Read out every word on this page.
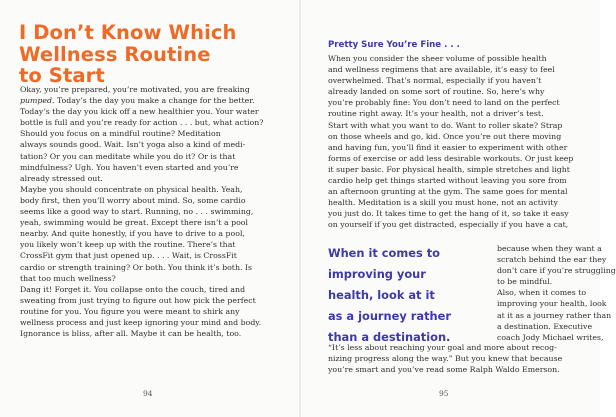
I Don’t Know Which
Wellness Routine
to Start
Okay, you’re prepared, you’re motivated, you are freaking
pumped. Today’s the day you make a change for the better.
Today’s the day you kick off a new healthier you. Your water
bottle is full and you’re ready for action . . . but, what action?
Should you focus on a mindful routine? Meditation
always sounds good. Wait. Isn’t yoga also a kind of medi-
tation? Or you can meditate while you do it? Or is that
mindfulness? Ugh. You haven’t even started and you’re
already stressed out.
Maybe you should concentrate on physical health. Yeah,
body first, then you’ll worry about mind. So, some cardio
seems like a good way to start. Running, no . . . swimming,
yeah, swimming would be great. Except there isn’t a pool
nearby. And quite honestly, if you have to drive to a pool,
you likely won’t keep up with the routine. There’s that
CrossFit gym that just opened up. . . . Wait, is CrossFit
cardio or strength training? Or both. You think it’s both. Is
that too much wellness?
Dang it! Forget it. You collapse onto the couch, tired and
sweating from just trying to figure out how pick the perfect
routine for you. You figure you were meant to shirk any
wellness process and just keep ignoring your mind and body.
Ignorance is bliss, after all. Maybe it can be health, too.
94
Pretty Sure You’re Fine . . .
When you consider the sheer volume of possible health
and wellness regimens that are available, it’s easy to feel
overwhelmed. That’s normal, especially if you haven’t
already landed on some sort of routine. So, here’s why
you’re probably fine: You don’t need to land on the perfect
routine right away. It’s your health, not a driver’s test.
Start with what you want to do. Want to roller skate? Strap
on those wheels and go, kid. Once you’re out there moving
and having fun, you’ll find it easier to experiment with other
forms of exercise or add less desirable workouts. Or just keep
it super basic. For physical health, simple stretches and light
cardio help get things started without leaving you sore from
an afternoon grunting at the gym. The same goes for mental
health. Meditation is a skill you must hone, not an activity
you just do. It takes time to get the hang of it, so take it easy
on yourself if you get distracted, especially if you have a cat,
When it comes to
improving your
health, look at it
as a journey rather
than a destination.
because when they want a
scratch behind the ear they
don’t care if you’re struggling
to be mindful.
Also, when it comes to
improving your health, look
at it as a journey rather than
a destination. Executive
coach Jody Michael writes,
“It’s less about reaching your goal and more about recog-
nizing progress along the way.” But you knew that because
you’re smart and you’ve read some Ralph Waldo Emerson.
95
